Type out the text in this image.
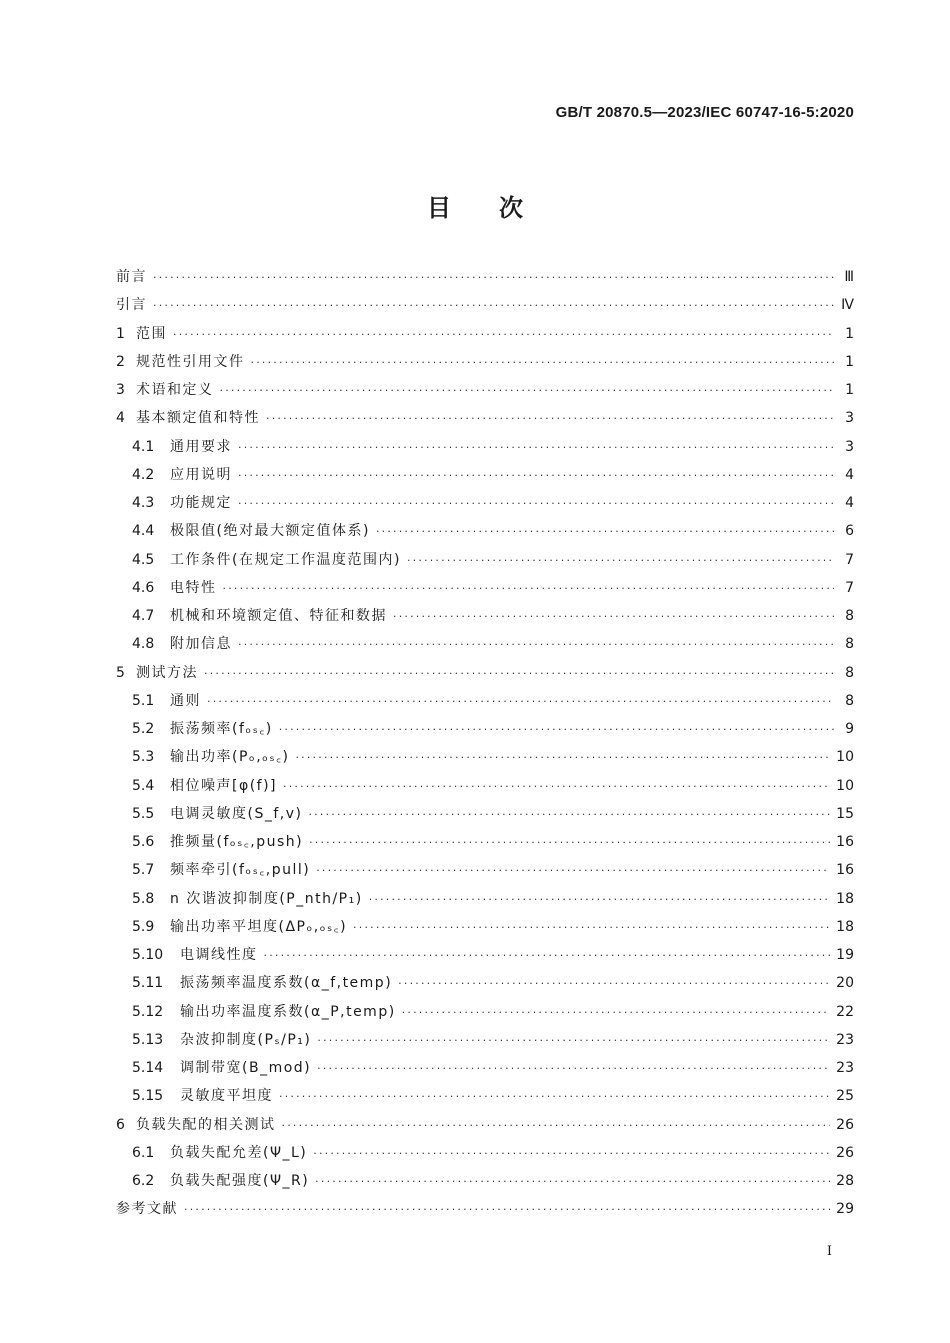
GB/T 20870.5—2023/IEC 60747-16-5:2020
目次
前言 ·····	Ⅲ
引言 ·····	Ⅳ
1 范围 ·····	1
2 规范性引用文件 ·····	1
3 术语和定义 ·····	1
4 基本额定值和特性 ·····	3
4.1	通用要求 ·····	3
4.2	应用说明 ·····	4
4.3	功能规定 ·····	4
4.4	极限值(绝对最大额定值体系) ·····	6
4.5	工作条件(在规定工作温度范围内) ·····	7
4.6	电特性 ·····	7
4.7	机械和环境额定值、特征和数据 ·····	8
4.8	附加信息 ·····	8
5 测试方法 ·····	8
5.1	通则 ·····	8
5.2	振荡频率(fₒₛ꜀) ·····	9
5.3	输出功率(Pₒ,ₒₛ꜀) ·····	10
5.4	相位噪声[φ(f)] ·····	10
5.5	电调灵敏度(S_f,v) ·····	15
5.6	推频量(fₒₛ꜀,push) ·····	16
5.7	频率牵引(fₒₛ꜀,pull) ·····	16
5.8	n 次谐波抑制度(P_nth/P₁) ·····	18
5.9	输出功率平坦度(ΔPₒ,ₒₛ꜀) ·····	18
5.10	电调线性度 ·····	19
5.11	振荡频率温度系数(α_f,temp) ·····	20
5.12	输出功率温度系数(α_P,temp) ·····	22
5.13	杂波抑制度(Pₛ/P₁) ·····	23
5.14	调制带宽(B_mod) ·····	23
5.15	灵敏度平坦度 ·····	25
6 负载失配的相关测试 ·····	26
6.1	负载失配允差(Ψ_L) ·····	26
6.2	负载失配强度(Ψ_R) ·····	28
参考文献 ·····	29
I
